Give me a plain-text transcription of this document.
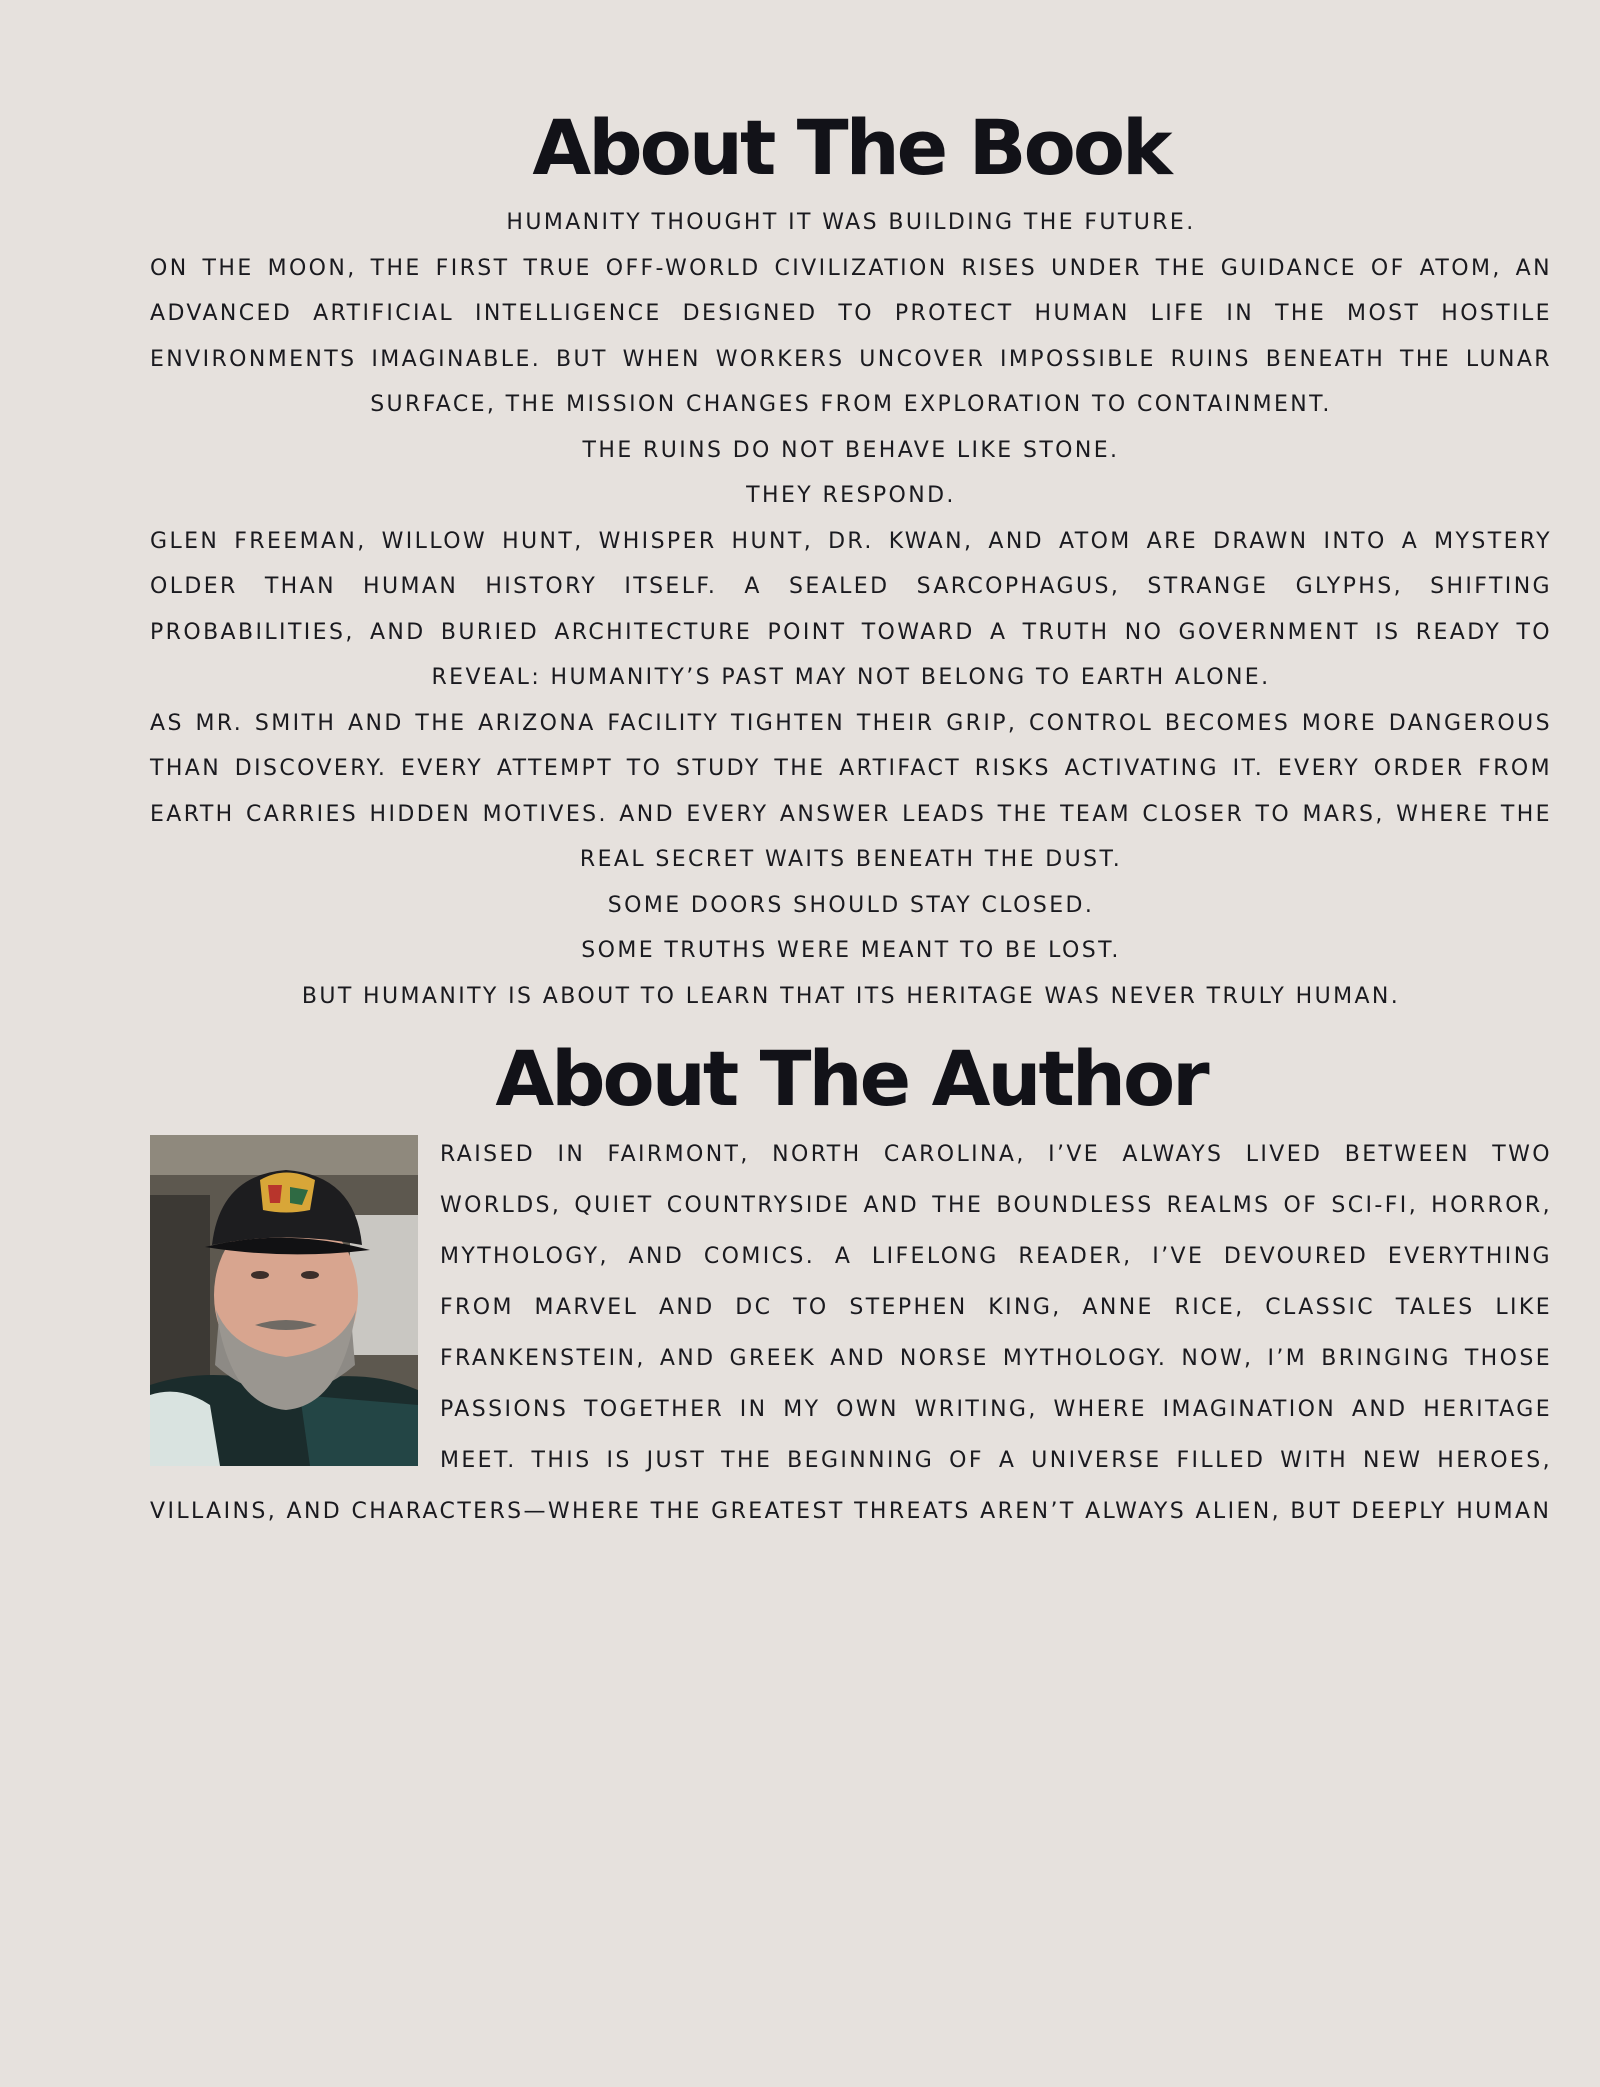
About The Book

HUMANITY THOUGHT IT WAS BUILDING THE FUTURE.

ON THE MOON, THE FIRST TRUE OFF-WORLD CIVILIZATION RISES UNDER THE GUIDANCE OF ATOM, AN ADVANCED ARTIFICIAL INTELLIGENCE DESIGNED TO PROTECT HUMAN LIFE IN THE MOST HOSTILE ENVIRONMENTS IMAGINABLE. BUT WHEN WORKERS UNCOVER IMPOSSIBLE RUINS BENEATH THE LUNAR SURFACE, THE MISSION CHANGES FROM EXPLORATION TO CONTAINMENT.

THE RUINS DO NOT BEHAVE LIKE STONE.

THEY RESPOND.

GLEN FREEMAN, WILLOW HUNT, WHISPER HUNT, DR. KWAN, AND ATOM ARE DRAWN INTO A MYSTERY OLDER THAN HUMAN HISTORY ITSELF. A SEALED SARCOPHAGUS, STRANGE GLYPHS, SHIFTING PROBABILITIES, AND BURIED ARCHITECTURE POINT TOWARD A TRUTH NO GOVERNMENT IS READY TO REVEAL: HUMANITY’S PAST MAY NOT BELONG TO EARTH ALONE.

AS MR. SMITH AND THE ARIZONA FACILITY TIGHTEN THEIR GRIP, CONTROL BECOMES MORE DANGEROUS THAN DISCOVERY. EVERY ATTEMPT TO STUDY THE ARTIFACT RISKS ACTIVATING IT. EVERY ORDER FROM EARTH CARRIES HIDDEN MOTIVES. AND EVERY ANSWER LEADS THE TEAM CLOSER TO MARS, WHERE THE REAL SECRET WAITS BENEATH THE DUST.

SOME DOORS SHOULD STAY CLOSED.

SOME TRUTHS WERE MEANT TO BE LOST.

BUT HUMANITY IS ABOUT TO LEARN THAT ITS HERITAGE WAS NEVER TRULY HUMAN.

About The Author

RAISED IN FAIRMONT, NORTH CAROLINA, I’VE ALWAYS LIVED BETWEEN TWO WORLDS, QUIET COUNTRYSIDE AND THE BOUNDLESS REALMS OF SCI-FI, HORROR, MYTHOLOGY, AND COMICS. A LIFELONG READER, I’VE DEVOURED EVERYTHING FROM MARVEL AND DC TO STEPHEN KING, ANNE RICE, CLASSIC TALES LIKE FRANKENSTEIN, AND GREEK AND NORSE MYTHOLOGY. NOW, I’M BRINGING THOSE PASSIONS TOGETHER IN MY OWN WRITING, WHERE IMAGINATION AND HERITAGE MEET. THIS IS JUST THE BEGINNING OF A UNIVERSE FILLED WITH NEW HEROES, VILLAINS, AND CHARACTERS—WHERE THE GREATEST THREATS AREN’T ALWAYS ALIEN, BUT DEEPLY HUMAN
